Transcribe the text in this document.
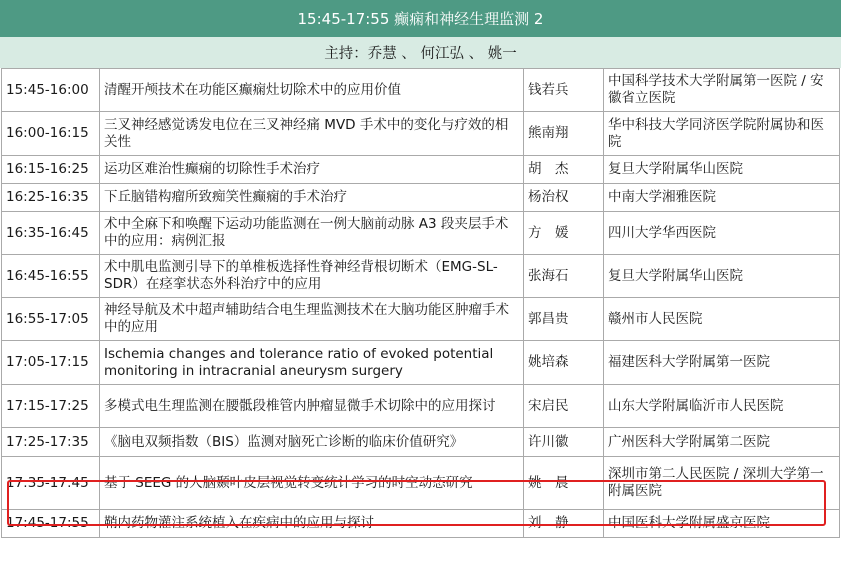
15:45-17:55 癫痫和神经生理监测 2
主持：乔慧 、 何江弘 、 姚一
15:45-16:00	清醒开颅技术在功能区癫痫灶切除术中的应用价值	钱若兵	中国科学技术大学附属第一医院 / 安徽省立医院
16:00-16:15	三叉神经感觉诱发电位在三叉神经痛 MVD 手术中的变化与疗效的相关性	熊南翔	华中科技大学同济医学院附属协和医院
16:15-16:25	运功区难治性癫痫的切除性手术治疗	胡　杰	复旦大学附属华山医院
16:25-16:35	下丘脑错构瘤所致痴笑性癫痫的手术治疗	杨治权	中南大学湘雅医院
16:35-16:45	术中全麻下和唤醒下运动功能监测在一例大脑前动脉 A3 段夹层手术中的应用：病例汇报	方　媛	四川大学华西医院
16:45-16:55	术中肌电监测引导下的单椎板选择性脊神经背根切断术（EMG-SL-SDR）在痉挛状态外科治疗中的应用	张海石	复旦大学附属华山医院
16:55-17:05	神经导航及术中超声辅助结合电生理监测技术在大脑功能区肿瘤手术中的应用	郭昌贵	赣州市人民医院
17:05-17:15	Ischemia changes and tolerance ratio of evoked potential monitoring in intracranial aneurysm surgery	姚培森	福建医科大学附属第一医院
17:15-17:25	多模式电生理监测在腰骶段椎管内肿瘤显微手术切除中的应用探讨	宋启民	山东大学附属临沂市人民医院
17:25-17:35	《脑电双频指数（BIS）监测对脑死亡诊断的临床价值研究》	许川徽	广州医科大学附属第二医院
17:35-17:45	基于 SEEG 的人脑颞叶皮层视觉转变统计学习的时空动态研究	姚　晨	深圳市第二人民医院 / 深圳大学第一附属医院
17:45-17:55	鞘内药物灌注系统植入在疾病中的应用与探讨	刘　静	中国医科大学附属盛京医院
